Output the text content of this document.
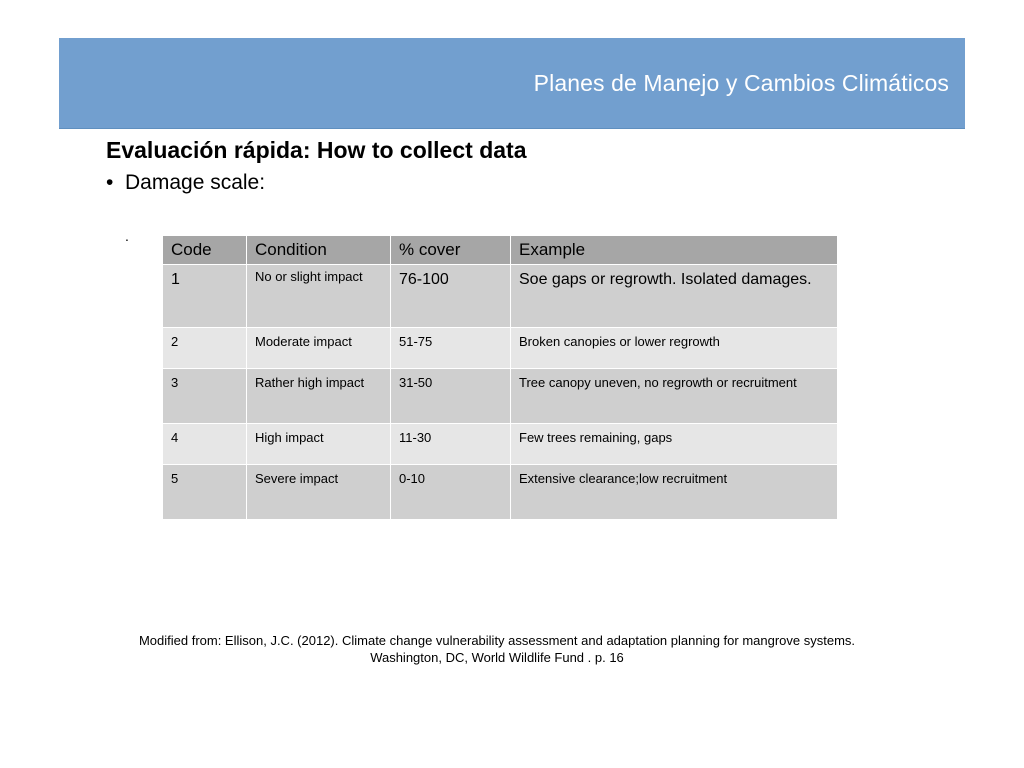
Planes de Manejo y Cambios Climáticos
Evaluación rápida: How to collect data
• Damage scale:
.
Code	Condition	% cover	Example
1	No or slight impact	76-100	Soe gaps or regrowth. Isolated damages.
2	Moderate impact	51-75	Broken canopies or lower regrowth
3	Rather high impact	31-50	Tree canopy uneven, no regrowth or recruitment
4	High impact	11-30	Few trees remaining, gaps
5	Severe impact	0-10	Extensive clearance;low recruitment
Modified from: Ellison, J.C. (2012). Climate change vulnerability assessment and adaptation planning for mangrove systems.
Washington, DC, World Wildlife Fund . p. 16
